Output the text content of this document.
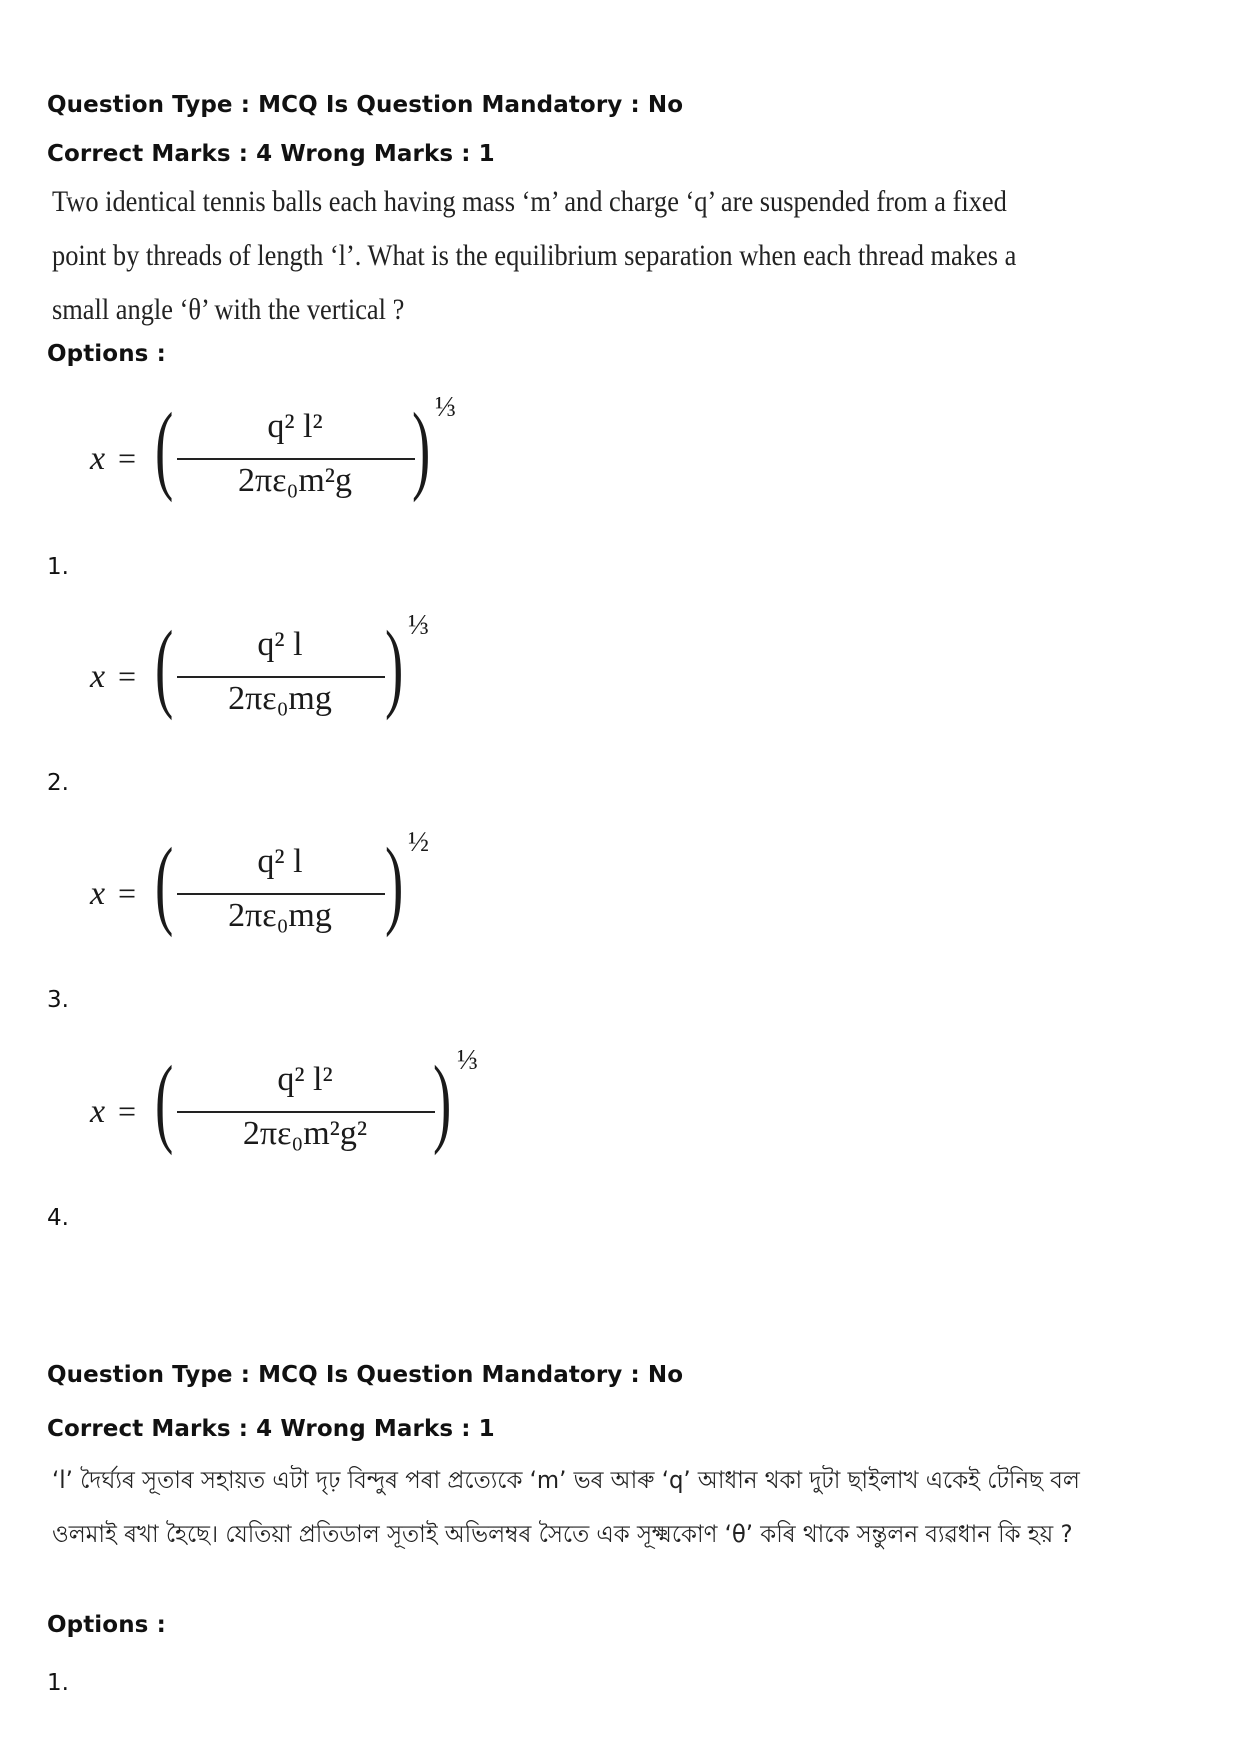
Question Type : MCQ Is Question Mandatory : No
Correct Marks : 4 Wrong Marks : 1
Two identical tennis balls each having mass ‘m’ and charge ‘q’ are suspended from a fixed
point by threads of length ‘l’. What is the equilibrium separation when each thread makes a
small angle ‘θ’ with the vertical ?
Options :
x = (	q² l²
2πε₀m²g ) ⅓
1.
x = (	q² l
2πε₀mg ) ⅓
2.
x = (	q² l
2πε₀mg ) ½
3.
x = (	q² l²
2πε₀m²g² ) ⅓
4.
Question Type : MCQ Is Question Mandatory : No
Correct Marks : 4 Wrong Marks : 1
‘l’ দৈৰ্ঘ্যৰ সূতাৰ সহায়ত এটা দৃঢ় বিন্দুৰ পৰা প্ৰত্যেকে ‘m’ ভৰ আৰু ‘q’ আধান থকা দুটা ছাইলাখ একেই টেনিছ বল
ওলমাই ৰখা হৈছে। যেতিয়া প্ৰতিডাল সূতাই অভিলম্বৰ সৈতে এক সূক্ষ্মকোণ ‘θ’ কৰি থাকে সন্তুলন ব্যৱধান কি হয় ?
Options :
1.
